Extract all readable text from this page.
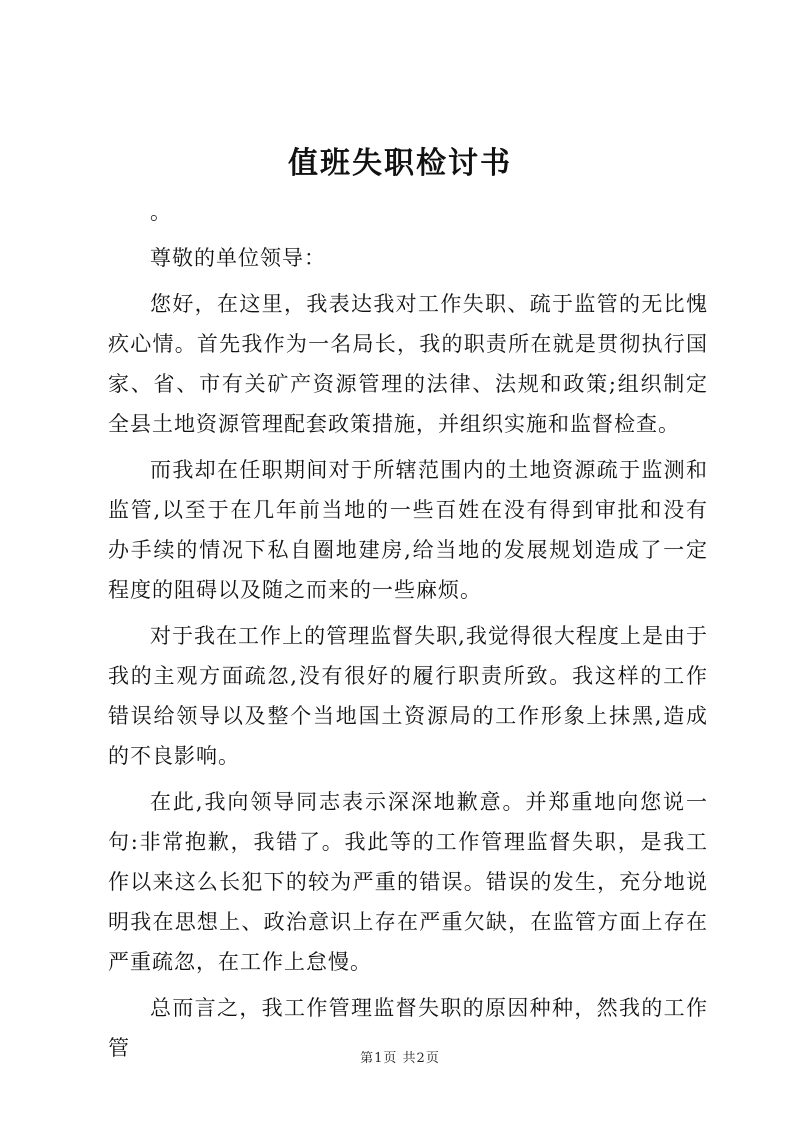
值班失职检讨书

。

尊敬的单位领导：

您好，在这里，我表达我对工作失职、疏于监管的无比愧疚心情。首先我作为一名局长，我的职责所在就是贯彻执行国家、省、市有关矿产资源管理的法律、法规和政策;组织制定全县土地资源管理配套政策措施，并组织实施和监督检查。

而我却在任职期间对于所辖范围内的土地资源疏于监测和监管,以至于在几年前当地的一些百姓在没有得到审批和没有办手续的情况下私自圈地建房,给当地的发展规划造成了一定程度的阻碍以及随之而来的一些麻烦。

对于我在工作上的管理监督失职,我觉得很大程度上是由于我的主观方面疏忽,没有很好的履行职责所致。我这样的工作错误给领导以及整个当地国土资源局的工作形象上抹黑,造成的不良影响。

在此,我向领导同志表示深深地歉意。并郑重地向您说一句:非常抱歉，我错了。我此等的工作管理监督失职，是我工作以来这么长犯下的较为严重的错误。错误的发生，充分地说明我在思想上、政治意识上存在严重欠缺，在监管方面上存在严重疏忽，在工作上怠慢。

总而言之，我工作管理监督失职的原因种种，然我的工作管	第1页 共2页
